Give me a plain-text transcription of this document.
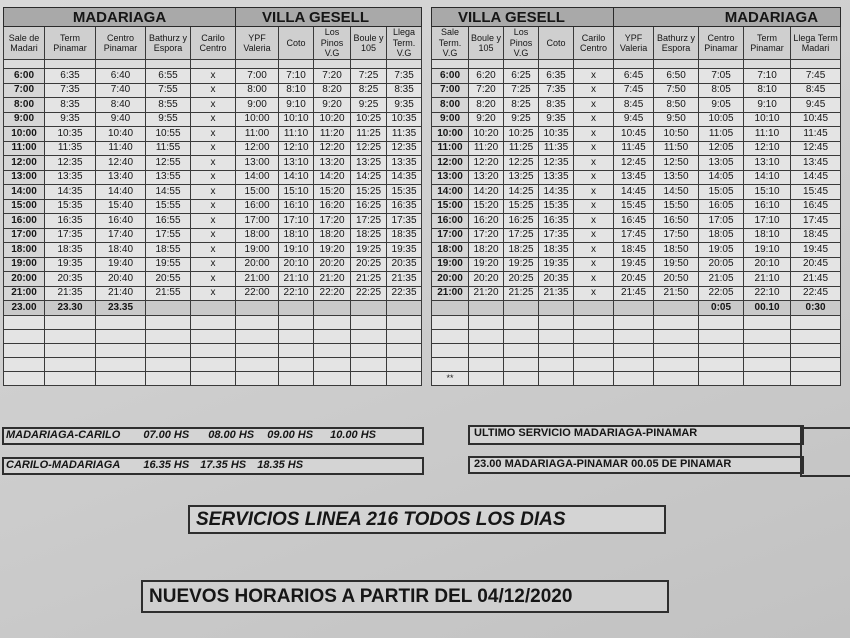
MADARIAGA					VILLA GESELL				
Sale de Madari	Term Pinamar	Centro Pinamar	Bathurz y Espora	Carilo Centro	YPF Valeria	Coto	Los Pinos V.G	Boule y 105	Llega Term. V.G

6:00	6:35	6:40	6:55	x	7:00	7:10	7:20	7:25	7:35
7:00	7:35	7:40	7:55	x	8:00	8:10	8:20	8:25	8:35
8:00	8:35	8:40	8:55	x	9:00	9:10	9:20	9:25	9:35
9:00	9:35	9:40	9:55	x	10:00	10:10	10:20	10:25	10:35
10:00	10:35	10:40	10:55	x	11:00	11:10	11:20	11:25	11:35
11:00	11:35	11:40	11:55	x	12:00	12:10	12:20	12:25	12:35
12:00	12:35	12:40	12:55	x	13:00	13:10	13:20	13:25	13:35
13:00	13:35	13:40	13:55	x	14:00	14:10	14:20	14:25	14:35
14:00	14:35	14:40	14:55	x	15:00	15:10	15:20	15:25	15:35
15:00	15:35	15:40	15:55	x	16:00	16:10	16:20	16:25	16:35
16:00	16:35	16:40	16:55	x	17:00	17:10	17:20	17:25	17:35
17:00	17:35	17:40	17:55	x	18:00	18:10	18:20	18:25	18:35
18:00	18:35	18:40	18:55	x	19:00	19:10	19:20	19:25	19:35
19:00	19:35	19:40	19:55	x	20:00	20:10	20:20	20:25	20:35
20:00	20:35	20:40	20:55	x	21:00	21:10	21:20	21:25	21:35
21:00	21:35	21:40	21:55	x	22:00	22:10	22:20	22:25	22:35
23.00	23.30	23.35							

VILLA GESELL					MADARIAGA				
Sale Term. V.G	Boule y 105	Los Pinos V.G	Coto	Carilo Centro	YPF Valeria	Bathurz y Espora	Centro Pinamar	Term Pinamar	Llega Term Madari

6:00	6:20	6:25	6:35	x	6:45	6:50	7:05	7:10	7:45
7:00	7:20	7:25	7:35	x	7:45	7:50	8:05	8:10	8:45
8:00	8:20	8:25	8:35	x	8:45	8:50	9:05	9:10	9:45
9:00	9:20	9:25	9:35	x	9:45	9:50	10:05	10:10	10:45
10:00	10:20	10:25	10:35	x	10:45	10:50	11:05	11:10	11:45
11:00	11:20	11:25	11:35	x	11:45	11:50	12:05	12:10	12:45
12:00	12:20	12:25	12:35	x	12:45	12:50	13:05	13:10	13:45
13:00	13:20	13:25	13:35	x	13:45	13:50	14:05	14:10	14:45
14:00	14:20	14:25	14:35	x	14:45	14:50	15:05	15:10	15:45
15:00	15:20	15:25	15:35	x	15:45	15:50	16:05	16:10	16:45
16:00	16:20	16:25	16:35	x	16:45	16:50	17:05	17:10	17:45
17:00	17:20	17:25	17:35	x	17:45	17:50	18:05	18:10	18:45
18:00	18:20	18:25	18:35	x	18:45	18:50	19:05	19:10	19:45
19:00	19:20	19:25	19:35	x	19:45	19:50	20:05	20:10	20:45
20:00	20:20	20:25	20:35	x	20:45	20:50	21:05	21:10	21:45
21:00	21:20	21:25	21:35	x	21:45	21:50	22:05	22:10	22:45
							0:05	00.10	0:30

**									
MADARIAGA-CARILO 07.00 HS 08.00 HS 09.00 HS 10.00 HS
CARILO-MADARIAGA 16.35 HS 17.35 HS 18.35 HS
ULTIMO SERVICIO MADARIAGA-PINAMAR
23.00 MADARIAGA-PINAMAR 00.05 DE PINAMAR
SERVICIOS LINEA 216 TODOS LOS DIAS
NUEVOS HORARIOS A PARTIR DEL 04/12/2020
